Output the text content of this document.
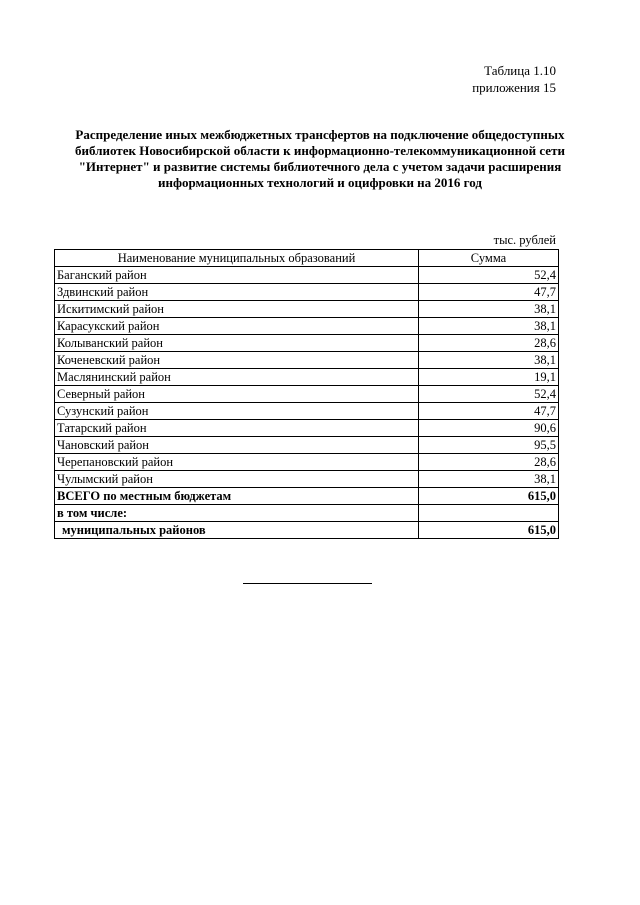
Таблица 1.10
приложения 15
Распределение иных межбюджетных трансфертов на подключение общедоступных
библиотек Новосибирской области к информационно-телекоммуникационной сети
"Интернет" и развитие системы библиотечного дела с учетом задачи расширения
информационных технологий и оцифровки на 2016 год
тыс. рублей
Наименование муниципальных образований	Сумма
Баганский район	52,4
Здвинский район	47,7
Искитимский район	38,1
Карасукский район	38,1
Колыванский район	28,6
Коченевский район	38,1
Маслянинский район	19,1
Северный район	52,4
Сузунский район	47,7
Татарский район	90,6
Чановский район	95,5
Черепановский район	28,6
Чулымский район	38,1
ВСЕГО по местным бюджетам	615,0
в том числе:	
муниципальных районов	615,0
